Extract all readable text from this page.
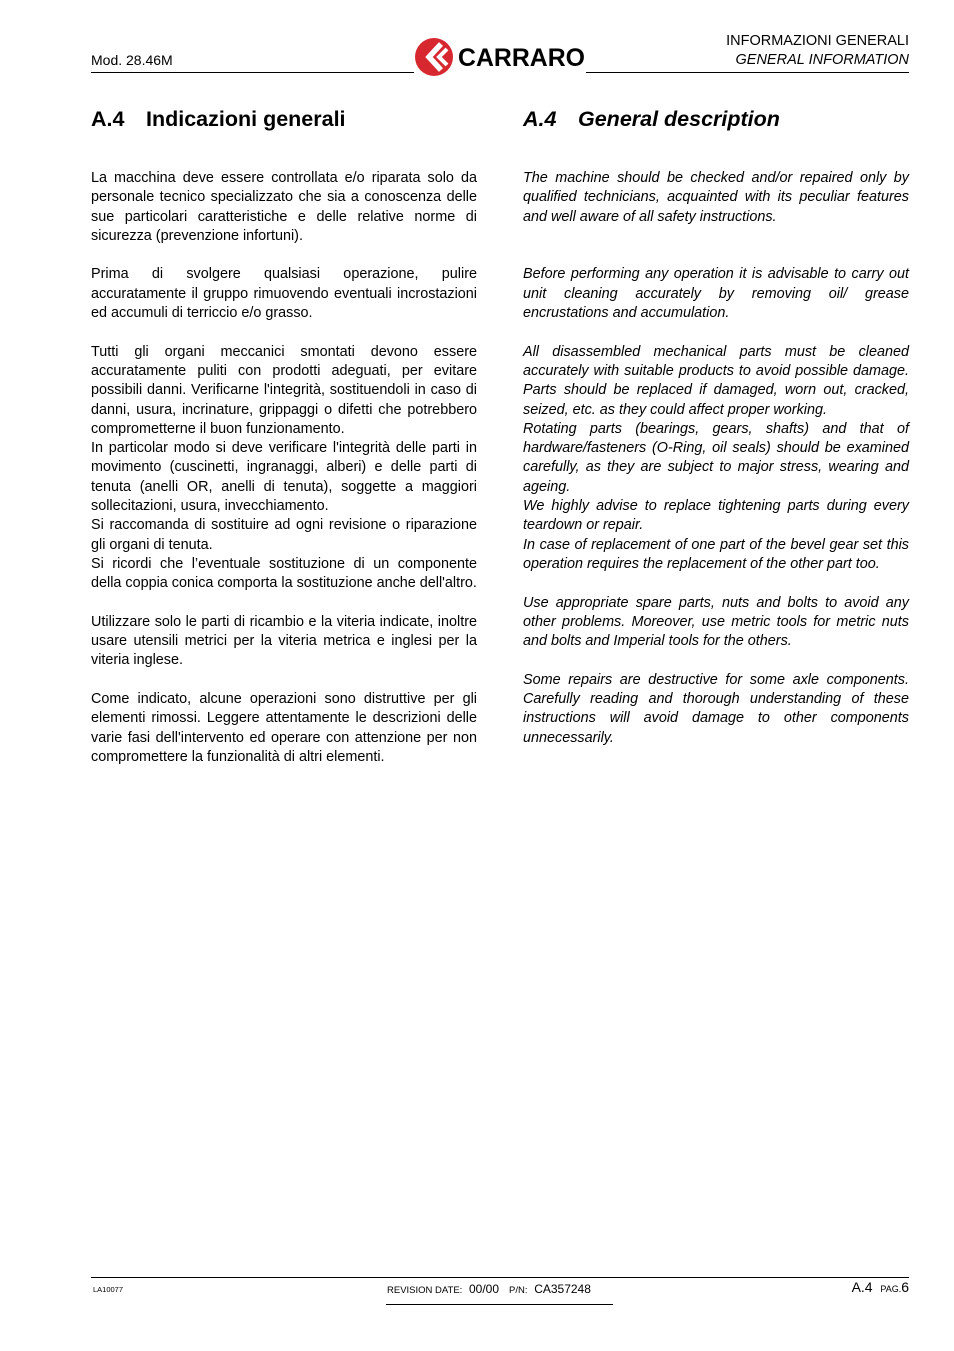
Mod. 28.46M	CARRARO
INFORMAZIONI GENERALI
GENERAL INFORMATION
A.4 Indicazioni generali

La macchina deve essere controllata e/o riparata solo da personale tecnico specializzato che sia a conoscenza delle sue particolari caratteristiche e delle relative norme di sicurezza (prevenzione infortuni).

Prima di svolgere qualsiasi operazione, pulire accuratamente il gruppo rimuovendo eventuali incrostazioni ed accumuli di terriccio e/o grasso.

Tutti gli organi meccanici smontati devono essere accuratamente puliti con prodotti adeguati, per evitare possibili danni. Verificarne l'integrità, sostituendoli in caso di danni, usura, incrinature, grippaggi o difetti che potrebbero comprometterne il buon funzionamento.

In particolar modo si deve verificare l'integrità delle parti in movimento (cuscinetti, ingranaggi, alberi) e delle parti di tenuta (anelli OR, anelli di tenuta), soggette a maggiori sollecitazioni, usura, invecchiamento.

Si raccomanda di sostituire ad ogni revisione o riparazione gli organi di tenuta.

Si ricordi che l’eventuale sostituzione di un componente della coppia conica comporta la sostituzione anche dell'altro.

Utilizzare solo le parti di ricambio e la viteria indicate, inoltre usare utensili metrici per la viteria metrica e inglesi per la viteria inglese.

Come indicato, alcune operazioni sono distruttive per gli elementi rimossi. Leggere attentamente le descrizioni delle varie fasi dell'intervento ed operare con attenzione per non compromettere la funzionalità di altri elementi.

A.4 General description

The machine should be checked and/or repaired only by qualified technicians, acquainted with its peculiar features and well aware of all safety instructions.

Before performing any operation it is advisable to carry out unit cleaning accurately by removing oil/ grease encrustations and accumulation.

All disassembled mechanical parts must be cleaned accurately with suitable products to avoid possible damage. Parts should be replaced if damaged, worn out, cracked, seized, etc. as they could affect proper working.

Rotating parts (bearings, gears, shafts) and that of hardware/fasteners (O-Ring, oil seals) should be examined carefully, as they are subject to major stress, wearing and ageing.

We highly advise to replace tightening parts during every teardown or repair.

In case of replacement of one part of the bevel gear set this operation requires the replacement of the other part too.

Use appropriate spare parts, nuts and bolts to avoid any other problems. Moreover, use metric tools for metric nuts and bolts and Imperial tools for the others.

Some repairs are destructive for some axle components. Carefully reading and thorough understanding of these instructions will avoid damage to other components unnecessarily.

LA10077	REVISION DATE: 00/00 P/N: CA357248	A.4 PAG.6
